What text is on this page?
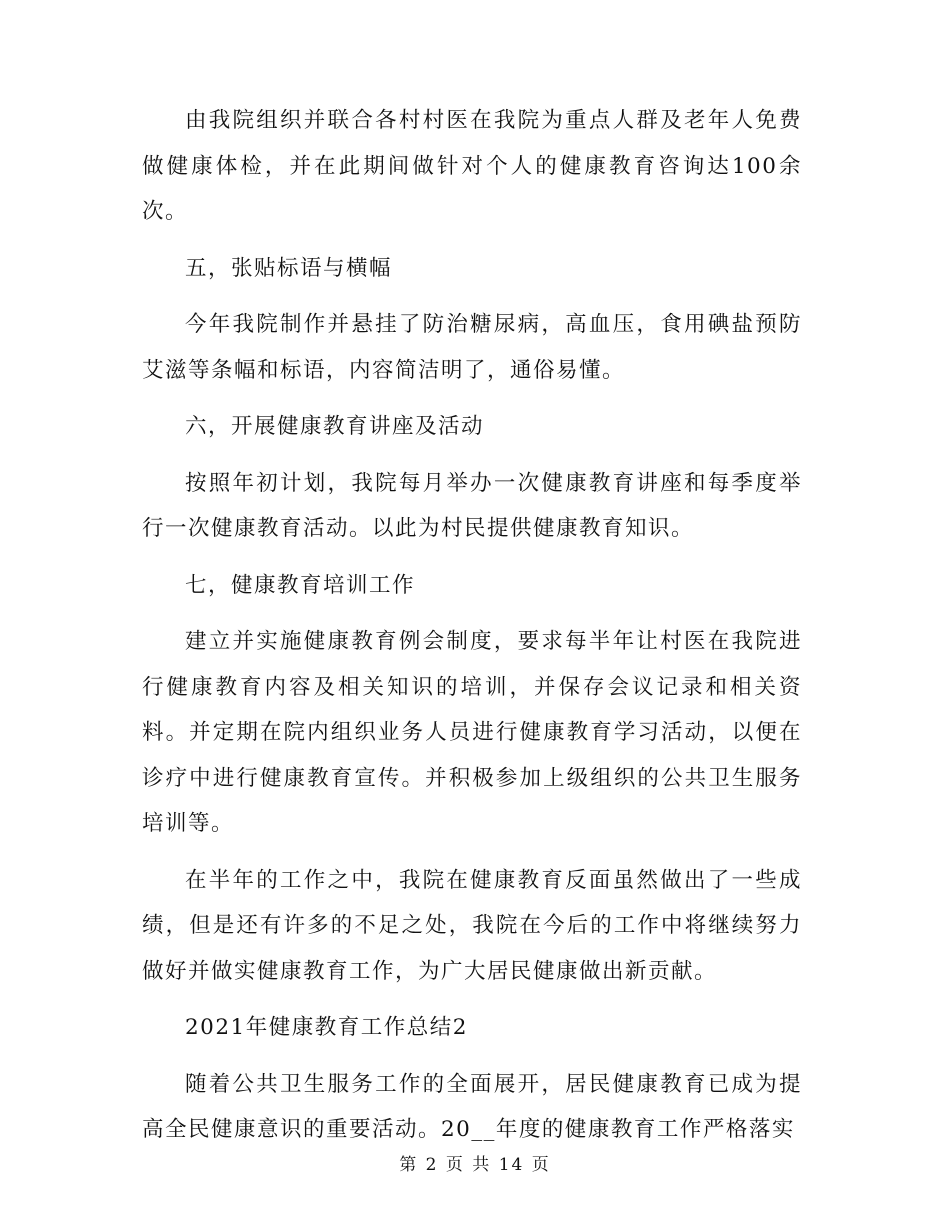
由我院组织并联合各村村医在我院为重点人群及老年人免费做健康体检，并在此期间做针对个人的健康教育咨询达100余次。

五，张贴标语与横幅

今年我院制作并悬挂了防治糖尿病，高血压，食用碘盐预防艾滋等条幅和标语，内容简洁明了，通俗易懂。

六，开展健康教育讲座及活动

按照年初计划，我院每月举办一次健康教育讲座和每季度举行一次健康教育活动。以此为村民提供健康教育知识。

七，健康教育培训工作

建立并实施健康教育例会制度，要求每半年让村医在我院进行健康教育内容及相关知识的培训，并保存会议记录和相关资料。并定期在院内组织业务人员进行健康教育学习活动，以便在诊疗中进行健康教育宣传。并积极参加上级组织的公共卫生服务培训等。

在半年的工作之中，我院在健康教育反面虽然做出了一些成绩，但是还有许多的不足之处，我院在今后的工作中将继续努力做好并做实健康教育工作，为广大居民健康做出新贡献。

2021年健康教育工作总结2

随着公共卫生服务工作的全面展开，居民健康教育已成为提高全民健康意识的重要活动。20__年度的健康教育工作严格落实

第 2 页 共 14 页
